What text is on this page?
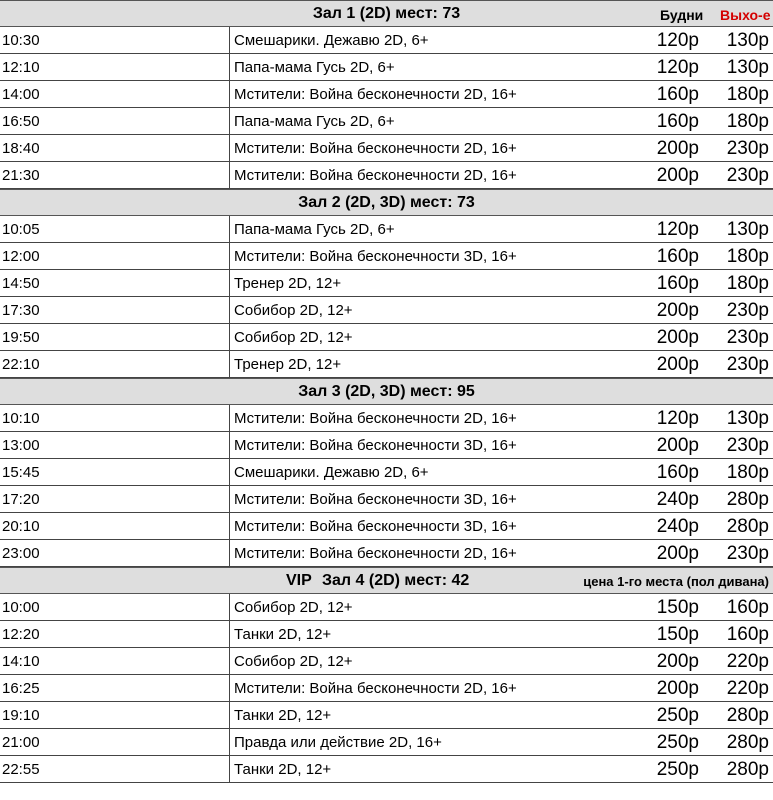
Зал 1 (2D) мест: 73	Будни Выхо-е
10:30	Смешарики. Дежавю 2D, 6+	120р 130р
12:10	Папа-мама Гусь 2D, 6+	120р 130р
14:00	Мстители: Война бесконечности 2D, 16+	160р 180р
16:50	Папа-мама Гусь 2D, 6+	160р 180р
18:40	Мстители: Война бесконечности 2D, 16+	200р 230р
21:30	Мстители: Война бесконечности 2D, 16+	200р 230р
Зал 2 (2D, 3D) мест: 73
10:05	Папа-мама Гусь 2D, 6+	120р 130р
12:00	Мстители: Война бесконечности 3D, 16+	160р 180р
14:50	Тренер 2D, 12+	160р 180р
17:30	Собибор 2D, 12+	200р 230р
19:50	Собибор 2D, 12+	200р 230р
22:10	Тренер 2D, 12+	200р 230р
Зал 3 (2D, 3D) мест: 95
10:10	Мстители: Война бесконечности 2D, 16+	120р 130р
13:00	Мстители: Война бесконечности 3D, 16+	200р 230р
15:45	Смешарики. Дежавю 2D, 6+	160р 180р
17:20	Мстители: Война бесконечности 3D, 16+	240р 280р
20:10	Мстители: Война бесконечности 3D, 16+	240р 280р
23:00	Мстители: Война бесконечности 2D, 16+	200р 230р
VIP Зал 4 (2D) мест: 42	цена 1-го места (пол дивана)
10:00	Собибор 2D, 12+	150р 160р
12:20	Танки 2D, 12+	150р 160р
14:10	Собибор 2D, 12+	200р 220р
16:25	Мстители: Война бесконечности 2D, 16+	200р 220р
19:10	Танки 2D, 12+	250р 280р
21:00	Правда или действие 2D, 16+	250р 280р
22:55	Танки 2D, 12+	250р 280р
